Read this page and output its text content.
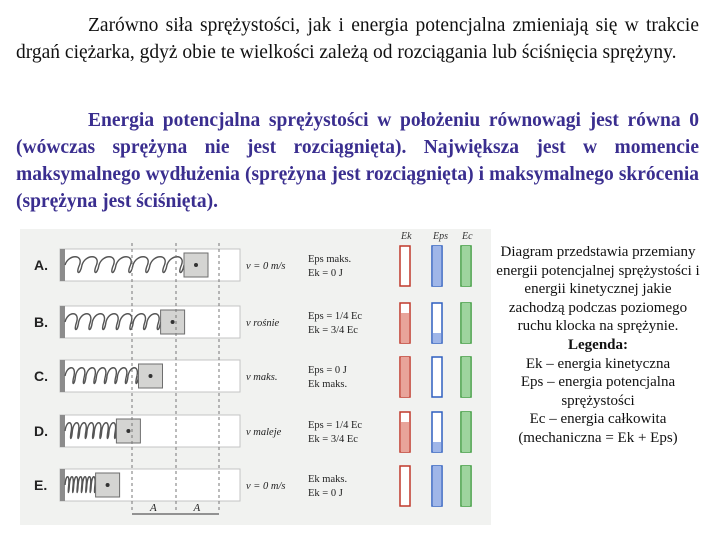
Zarówno siła sprężystości, jak i energia potencjalna zmieniają się w trakcie drgań ciężarka, gdyż obie te wielkości zależą od rozciągania lub ściśnięcia sprężyny.

Energia potencjalna sprężystości w położeniu równowagi jest równa 0 (wówczas sprężyna nie jest rozciągnięta). Największa jest w momencie maksymalnego wydłużenia (sprężyna jest rozciągnięta) i maksymalnego skrócenia (sprężyna jest ściśnięta).

Ek Eps Ec
A.	v = 0 m/s
Eps maks.
Ek = 0 J
B.	v rośnie
Eps = 1/4 Ec
Ek = 3/4 Ec
C.	v maks.
Eps = 0 J
Ek maks.
D.	v maleje
Eps = 1/4 Ec
Ek = 3/4 Ec
E.	v = 0 m/s
Ek maks.
Ek = 0 J
A	A
Diagram przedstawia przemiany energii potencjalnej sprężystości i energii kinetycznej jakie zachodzą podczas poziomego ruchu klocka na sprężynie.
Legenda:
Ek – energia kinetyczna
Eps – energia potencjalna sprężystości
Ec – energia całkowita (mechaniczna = Ek + Eps)
